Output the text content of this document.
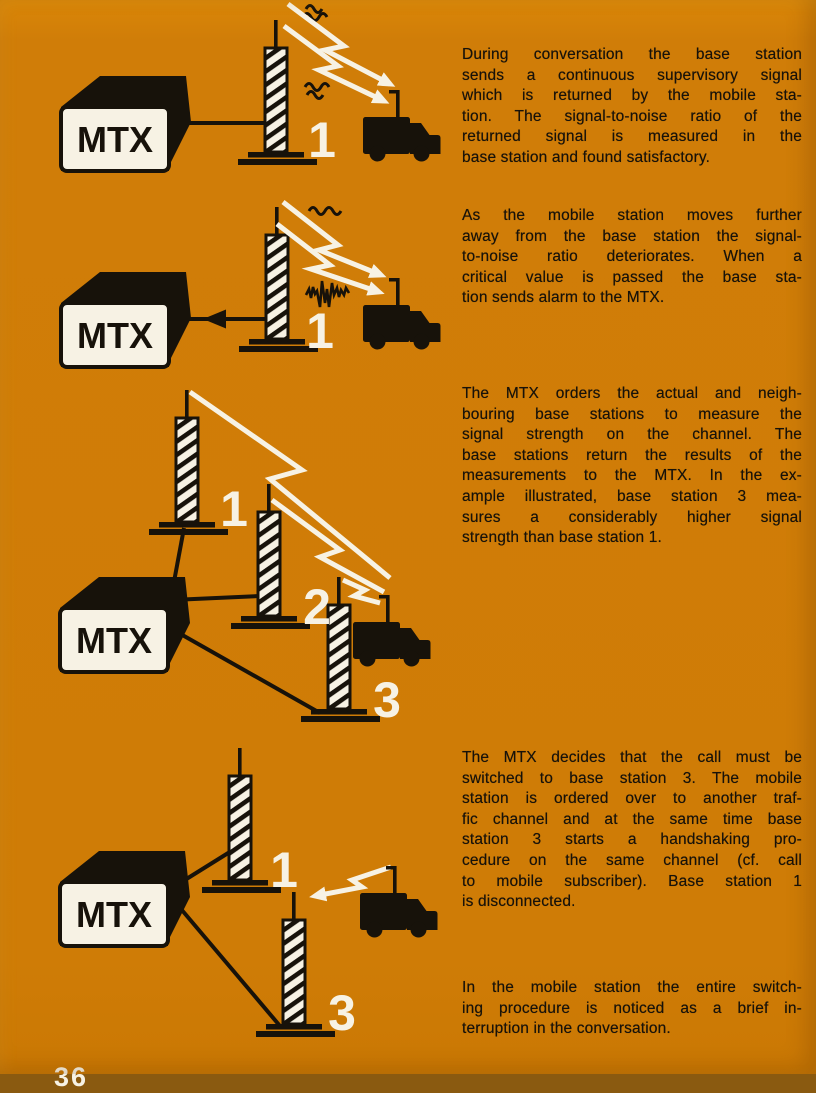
MTX	1
MTX	1
MTX
1
2
3
MTX
1
3
During conversation the base station
sends a continuous supervisory signal
which is returned by the mobile sta-
tion. The signal-to-noise ratio of the
returned signal is measured in the
base station and found satisfactory.
As the mobile station moves further
away from the base station the signal-
to-noise ratio deteriorates. When a
critical value is passed the base sta-
tion sends alarm to the MTX.
The MTX orders the actual and neigh-
bouring base stations to measure the
signal strength on the channel. The
base stations return the results of the
measurements to the MTX. In the ex-
ample illustrated, base station 3 mea-
sures a considerably higher signal
strength than base station 1.
The MTX decides that the call must be
switched to base station 3. The mobile
station is ordered over to another traf-
fic channel and at the same time base
station 3 starts a handshaking pro-
cedure on the same channel (cf. call
to mobile subscriber). Base station 1
is disconnected.
In the mobile station the entire switch-
ing procedure is noticed as a brief in-
terruption in the conversation.
36
